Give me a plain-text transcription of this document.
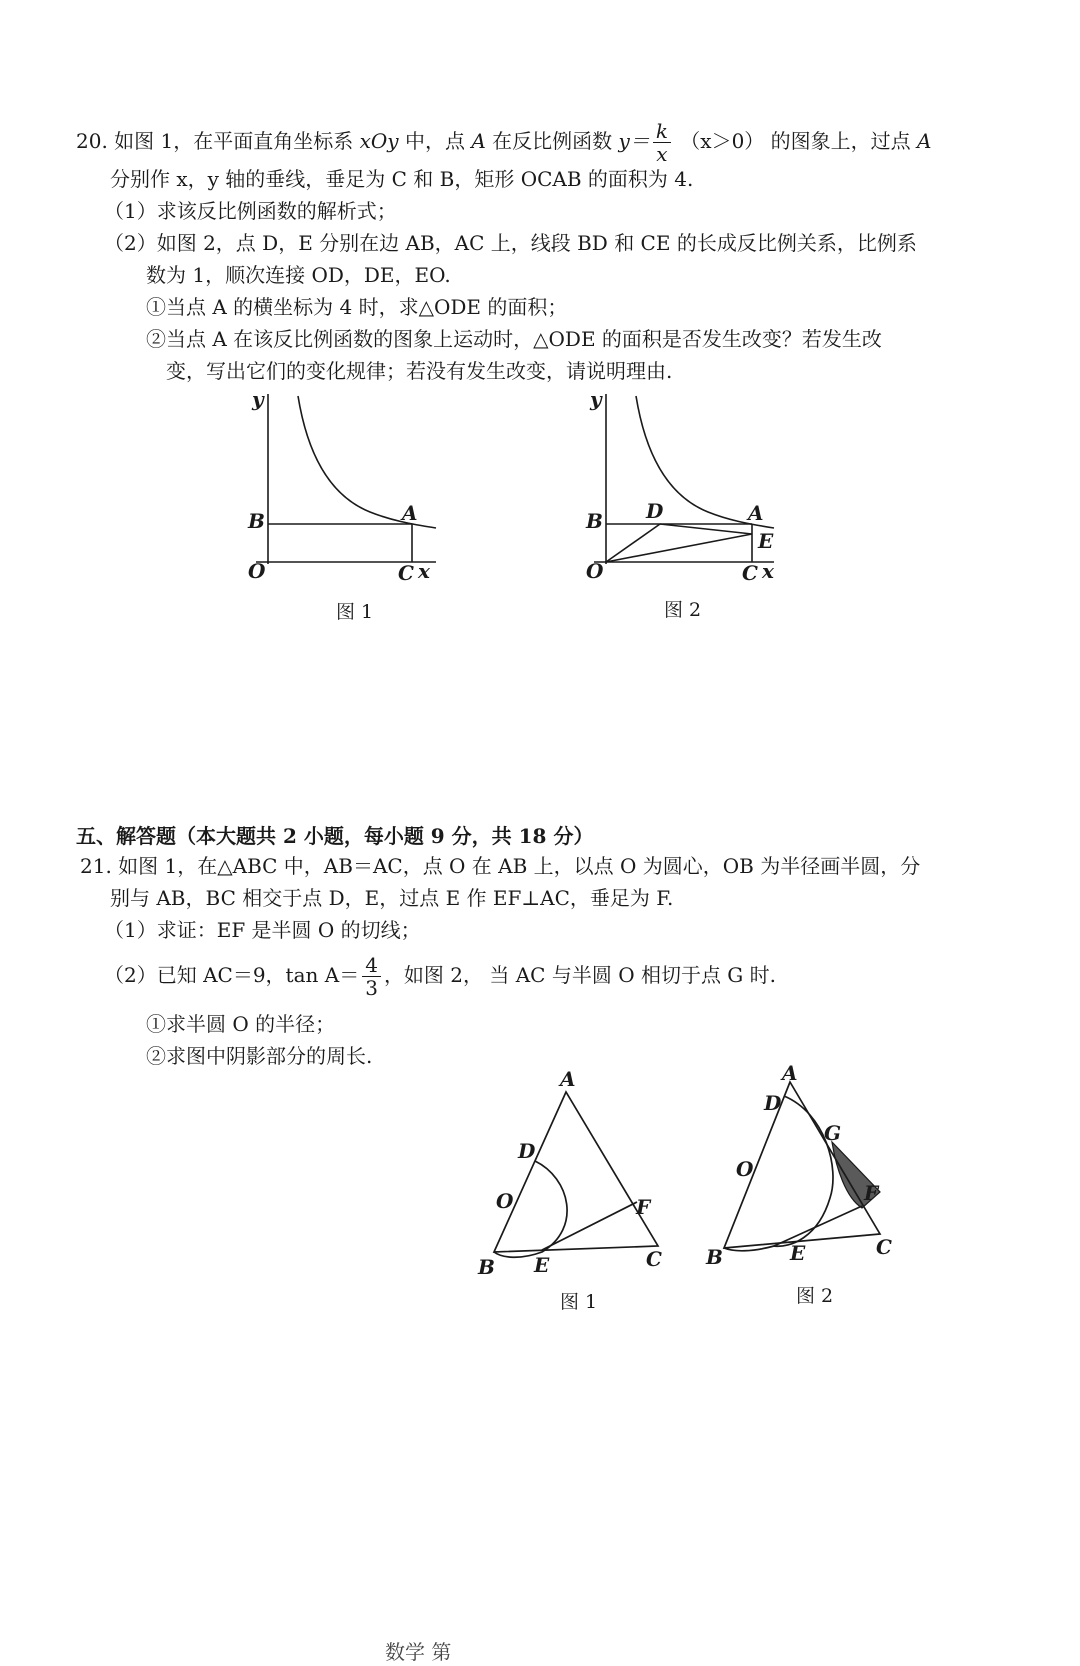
20. 如图 1，在平面直角坐标系 xOy 中，点 A 在反比例函数 $y= \frac{k}{x} (x>0)$ 的图象上，过点 A
分别作 x，y 轴的垂线，垂足为 C 和 B，矩形 OCAB 的面积为 4.
（1）求该反比例函数的解析式；
（2）如图 2，点 D，E 分别在边 AB，AC 上，线段 BD 和 CE 的长成反比例关系，比例系
数为 1，顺次连接 OD，DE，EO.
①当点 A 的横坐标为 4 时，求△ODE 的面积；
②当点 A 在该反比例函数的图象上运动时，△ODE 的面积是否发生改变？若发生改
变，写出它们的变化规律；若没有发生改变，请说明理由.
y
B	A
O	C x
图 1
y
B D	A
E
O	C x
图 2
五、解答题（本大题共 2 小题，每小题 9 分，共 18 分）
21. 如图 1，在△ABC 中，AB＝AC，点 O 在 AB 上，以点 O 为圆心，OB 为半径画半圆，分
别与 AB，BC 相交于点 D，E，过点 E 作 EF⊥AC，垂足为 F.
（1）求证：EF 是半圆 O 的切线；
（2）已知 AC＝9，$\tan A= \frac{4}{3}$ ，如图 2， 当 AC 与半圆 O 相切于点 G 时.
①求半圆 O 的半径；
②求图中阴影部分的周长.
A
D
O	F
B E	C
图 1
A
D
G
O
F
B	E	C
图 2
数学 第
